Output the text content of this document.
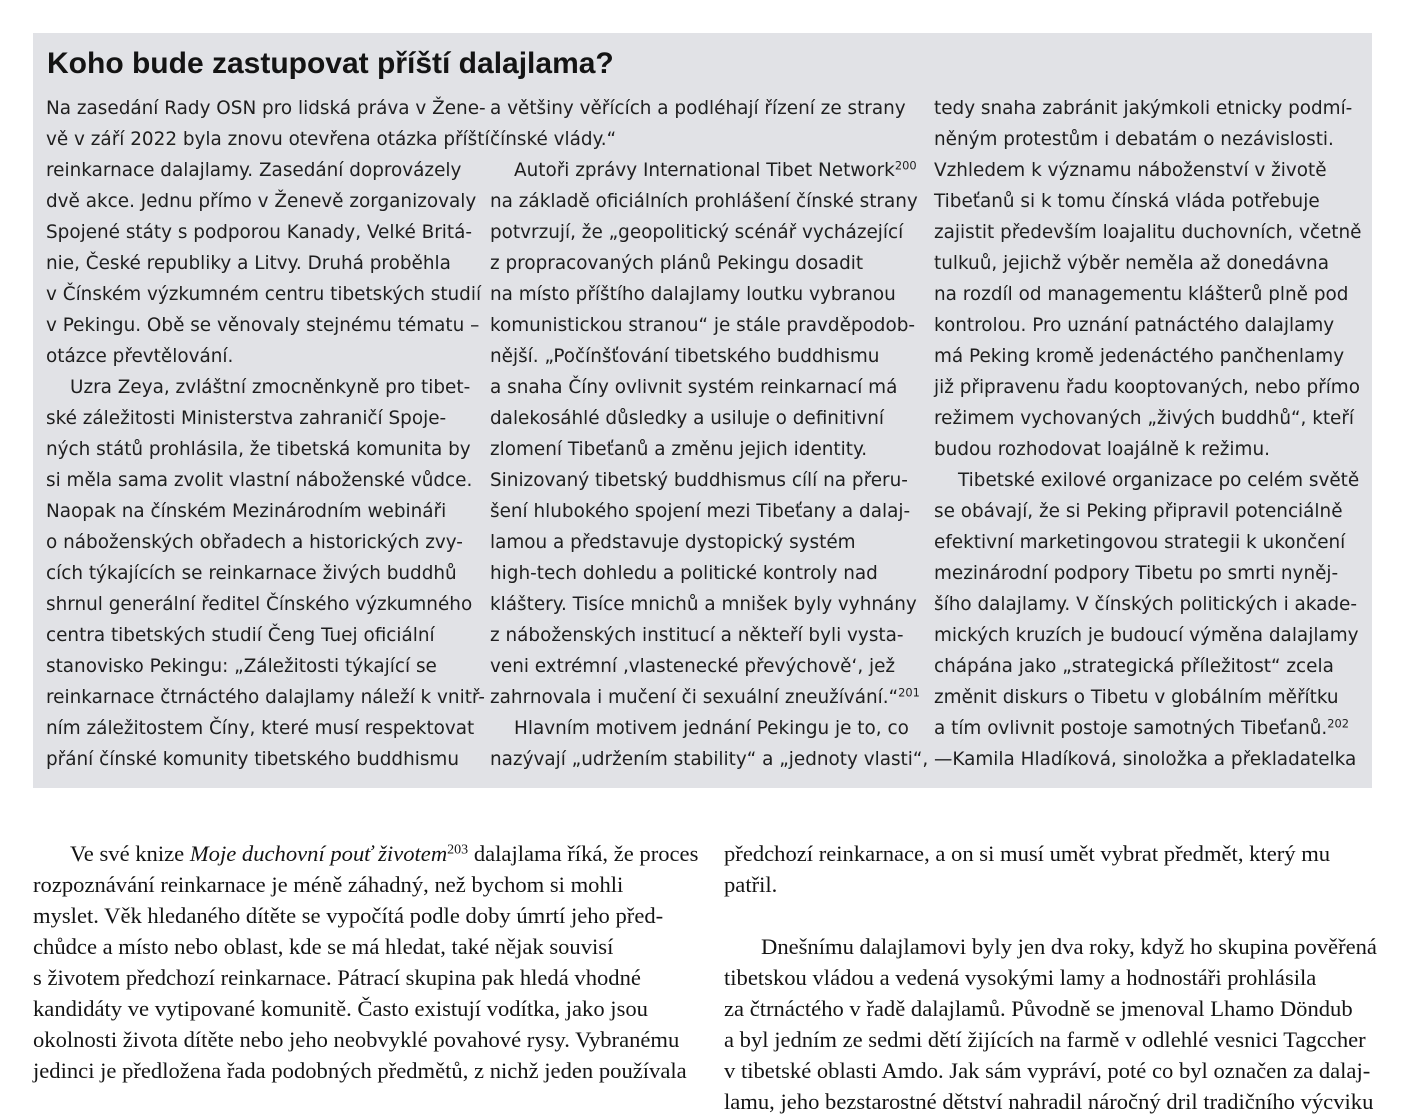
Koho bude zastupovat příští dalajlama?
Na zasedání Rady OSN pro lidská práva v Žene-
vě v září 2022 byla znovu otevřena otázka příští
reinkarnace dalajlamy. Zasedání doprovázely
dvě akce. Jednu přímo v Ženevě zorganizovaly
Spojené státy s podporou Kanady, Velké Britá-
nie, České republiky a Litvy. Druhá proběhla
v Čínském výzkumném centru tibetských studií
v Pekingu. Obě se věnovaly stejnému tématu –
otázce převtělování.
Uzra Zeya, zvláštní zmocněnkyně pro tibet-
ské záležitosti Ministerstva zahraničí Spoje-
ných států prohlásila, že tibetská komunita by
si měla sama zvolit vlastní náboženské vůdce.
Naopak na čínském Mezinárodním webináři
o náboženských obřadech a historických zvy-
cích týkajících se reinkarnace živých buddhů
shrnul generální ředitel Čínského výzkumného
centra tibetských studií Čeng Tuej oficiální
stanovisko Pekingu: „Záležitosti týkající se
reinkarnace čtrnáctého dalajlamy náleží k vnitř-
ním záležitostem Číny, které musí respektovat
přání čínské komunity tibetského buddhismu
a většiny věřících a podléhají řízení ze strany
čínské vlády.“
Autoři zprávy International Tibet Network$^{200}$
na základě oficiálních prohlášení čínské strany
potvrzují, že „geopolitický scénář vycházející
z propracovaných plánů Pekingu dosadit
na místo příštího dalajlamy loutku vybranou
komunistickou stranou“ je stále pravděpodob-
nější. „Počínšťování tibetského buddhismu
a snaha Číny ovlivnit systém reinkarnací má
dalekosáhlé důsledky a usiluje o definitivní
zlomení Tibeťanů a změnu jejich identity.
Sinizovaný tibetský buddhismus cílí na přeru-
šení hlubokého spojení mezi Tibeťany a dalaj-
lamou a představuje dystopický systém
high-tech dohledu a politické kontroly nad
kláštery. Tisíce mnichů a mnišek byly vyhnány
z náboženských institucí a někteří byli vysta-
veni extrémní ‚vlastenecké převýchově‘, jež
zahrnovala i mučení či sexuální zneužívání.“$^{201}$
Hlavním motivem jednání Pekingu je to, co
nazývají „udržením stability“ a „jednoty vlasti“,
tedy snaha zabránit jakýmkoli etnicky podmí-
něným protestům i debatám o nezávislosti.
Vzhledem k významu náboženství v životě
Tibeťanů si k tomu čínská vláda potřebuje
zajistit především loajalitu duchovních, včetně
tulkuů, jejichž výběr neměla až donedávna
na rozdíl od managementu klášterů plně pod
kontrolou. Pro uznání patnáctého dalajlamy
má Peking kromě jedenáctého pančhenlamy
již připravenu řadu kooptovaných, nebo přímo
režimem vychovaných „živých buddhů“, kteří
budou rozhodovat loajálně k režimu.
Tibetské exilové organizace po celém světě
se obávají, že si Peking připravil potenciálně
efektivní marketingovou strategii k ukončení
mezinárodní podpory Tibetu po smrti nyněj-
šího dalajlamy. V čínských politických i akade-
mických kruzích je budoucí výměna dalajlamy
chápána jako „strategická příležitost“ zcela
změnit diskurs o Tibetu v globálním měřítku
a tím ovlivnit postoje samotných Tibeťanů.$^{202}$
—Kamila Hladíková, sinoložka a překladatelka
Ve své knize Moje duchovní pouť životem$^{203}$ dalajlama říká, že proces
rozpoznávání reinkarnace je méně záhadný, než bychom si mohli
myslet. Věk hledaného dítěte se vypočítá podle doby úmrtí jeho před-
chůdce a místo nebo oblast, kde se má hledat, také nějak souvisí
s životem předchozí reinkarnace. Pátrací skupina pak hledá vhodné
kandidáty ve vytipované komunitě. Často existují vodítka, jako jsou
okolnosti života dítěte nebo jeho neobvyklé povahové rysy. Vybranému
jedinci je předložena řada podobných předmětů, z nichž jeden používala
předchozí reinkarnace, a on si musí umět vybrat předmět, který mu
patřil.
Dnešnímu dalajlamovi byly jen dva roky, když ho skupina pověřená
tibetskou vládou a vedená vysokými lamy a hodnostáři prohlásila
za čtrnáctého v řadě dalajlamů. Původně se jmenoval Lhamo Döndub
a byl jedním ze sedmi dětí žijících na farmě v odlehlé vesnici Tagccher
v tibetské oblasti Amdo. Jak sám vypráví, poté co byl označen za dalaj-
lamu, jeho bezstarostné dětství nahradil náročný dril tradičního výcviku
